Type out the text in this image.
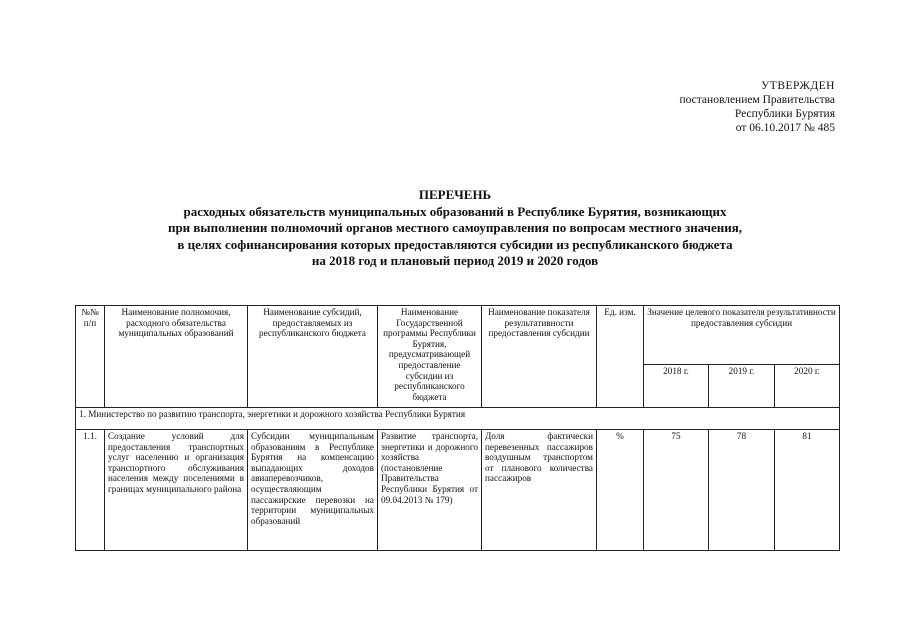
УТВЕРЖДЕН
постановлением Правительства
Республики Бурятия
от 06.10.2017 № 485
ПЕРЕЧЕНЬ
расходных обязательств муниципальных образований в Республике Бурятия, возникающих
при выполнении полномочий органов местного самоуправления по вопросам местного значения,
в целях софинансирования которых предоставляются субсидии из республиканского бюджета
на 2018 год и плановый период 2019 и 2020 годов
№№ п/п	Наименование полномочия, расходного обязательства муниципальных образований	Наименование субсидий, предоставляемых из республиканского бюджета	Наименование Государственной программы Республики Бурятия, предусматривающей предоставление субсидии из республиканского бюджета	Наименование показателя результативности предоставления субсидии	Ед. изм.	Значение целевого показателя результативности предоставления субсидии		
						2018 г.	2019 г.	2020 г.
1. Министерство по развитию транспорта, энергетики и дорожного хозяйства Республики Бурятия								
1.1.	Создание условий для предоставления транспортных услуг населению и организация транспортного обслуживания населения между поселениями в границах муниципального района	Субсидии муниципальным образованиям в Республике Бурятия на компенсацию выпадающих доходов авиаперевозчиков, осуществляющим пассажирские перевозки на территории муниципальных образований	Развитие транспорта, энергетики и дорожного хозяйства (постановление Правительства Республики Бурятия от 09.04.2013 № 179)	Доля фактически перевезенных пассажиров воздушным транспортом от планового количества пассажиров	%	75	78	81
